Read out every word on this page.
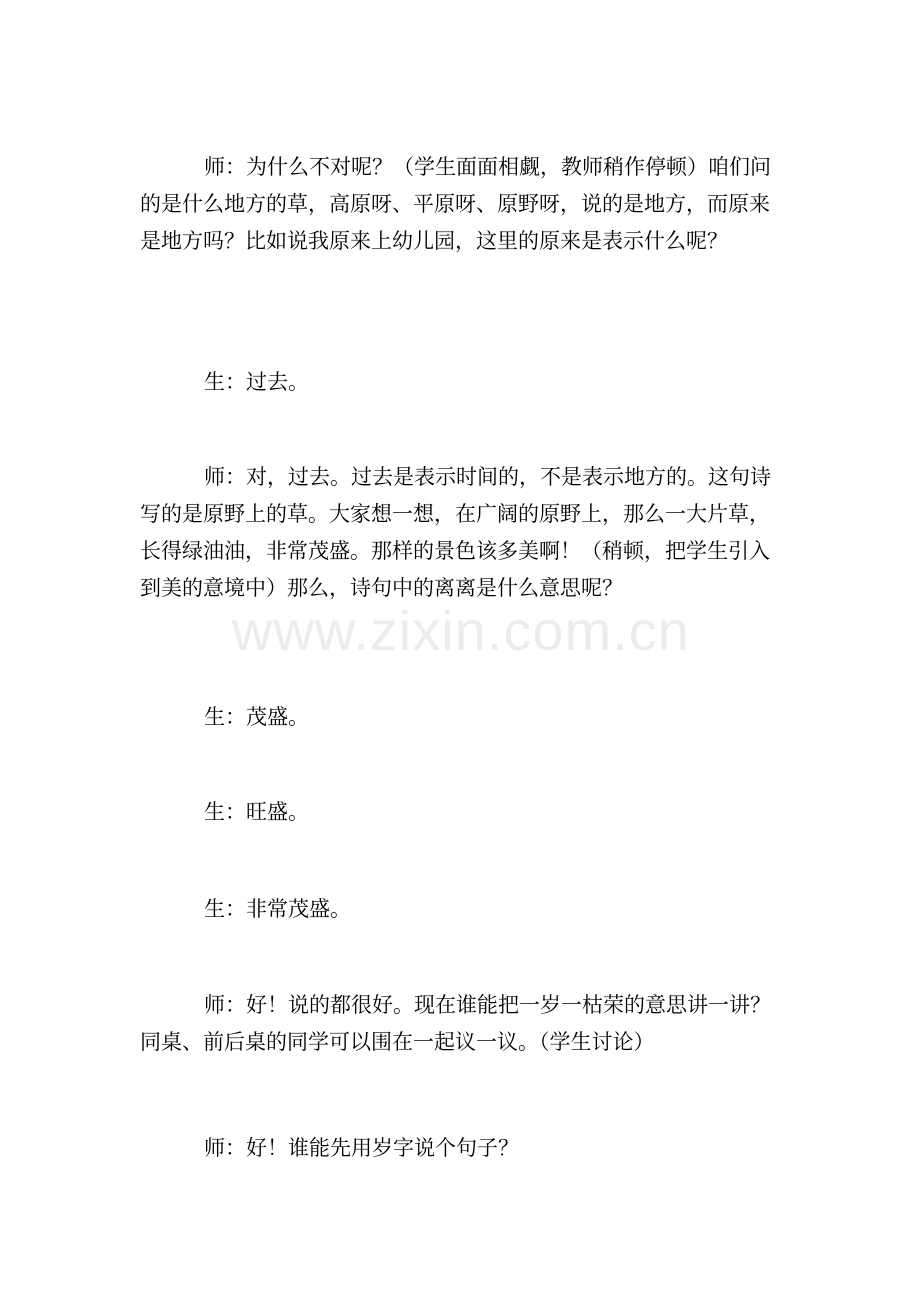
师：为什么不对呢？（学生面面相觑，教师稍作停顿）咱们问
的是什么地方的草，高原呀、平原呀、原野呀，说的是地方，而原来
是地方吗？比如说我原来上幼儿园，这里的原来是表示什么呢？

生：过去。

师：对，过去。过去是表示时间的，不是表示地方的。这句诗
写的是原野上的草。大家想一想，在广阔的原野上，那么一大片草，
长得绿油油，非常茂盛。那样的景色该多美啊！（稍顿，把学生引入
到美的意境中）那么，诗句中的离离是什么意思呢？

生：茂盛。

生：旺盛。

生：非常茂盛。

师：好！说的都很好。现在谁能把一岁一枯荣的意思讲一讲？
同桌、前后桌的同学可以围在一起议一议。（学生讨论）

师：好！谁能先用岁字说个句子？

www.zixin.com.cn
